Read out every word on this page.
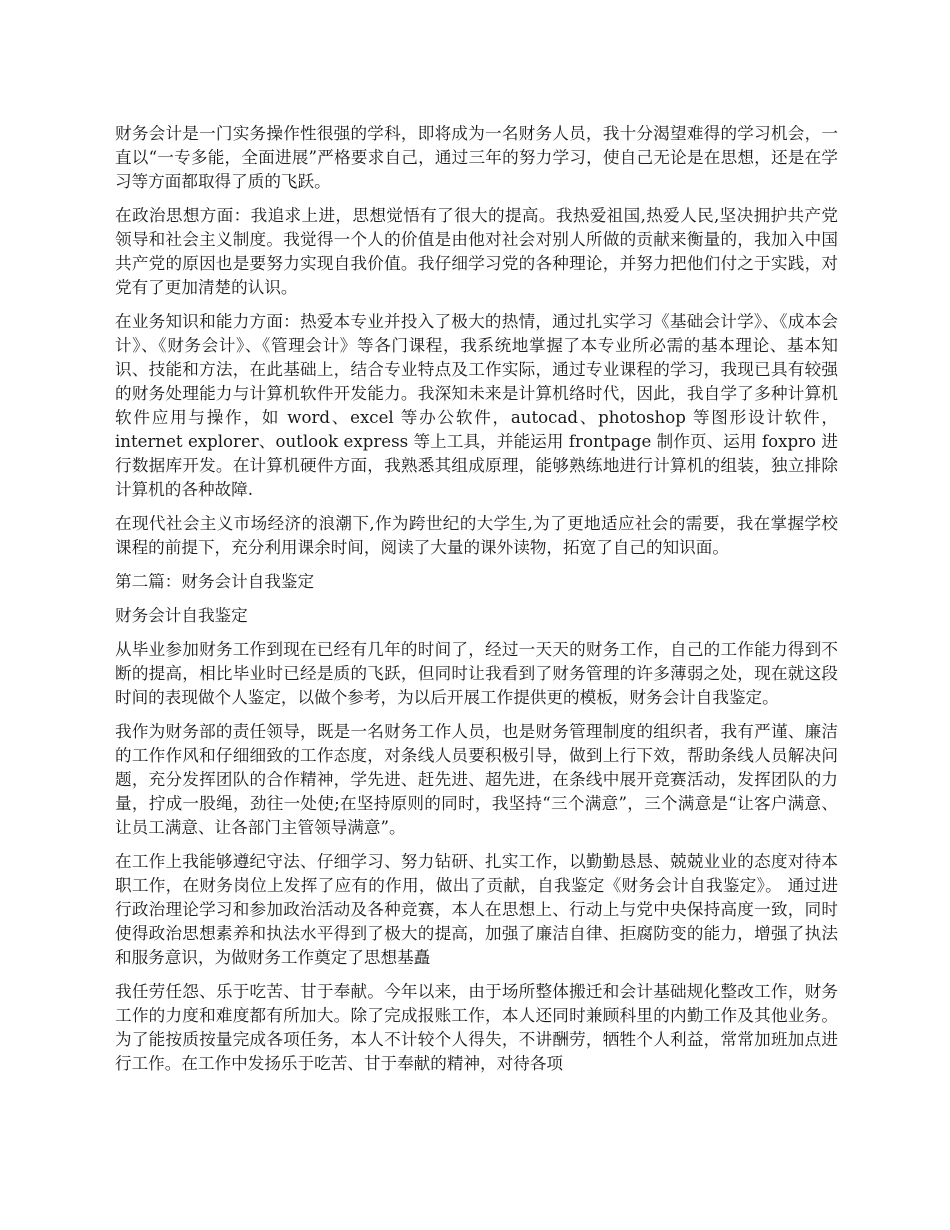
财务会计是一门实务操作性很强的学科，即将成为一名财务人员，我十分渴望难得的学习机会，一直以“一专多能，全面进展”严格要求自己，通过三年的努力学习，使自己无论是在思想，还是在学习等方面都取得了质的飞跃。

在政治思想方面：我追求上进，思想觉悟有了很大的提高。我热爱祖国,热爱人民,坚决拥护共产党领导和社会主义制度。我觉得一个人的价值是由他对社会对别人所做的贡献来衡量的，我加入中国共产党的原因也是要努力实现自我价值。我仔细学习党的各种理论，并努力把他们付之于实践，对党有了更加清楚的认识。

在业务知识和能力方面：热爱本专业并投入了极大的热情，通过扎实学习《基础会计学》、《成本会计》、《财务会计》、《管理会计》等各门课程，我系统地掌握了本专业所必需的基本理论、基本知识、技能和方法，在此基础上，结合专业特点及工作实际，通过专业课程的学习，我现已具有较强的财务处理能力与计算机软件开发能力。我深知未来是计算机络时代，因此，我自学了多种计算机软件应用与操作，如 word、excel 等办公软件，autocad、photoshop 等图形设计软件，internet explorer、outlook express 等上工具，并能运用 frontpage 制作页、运用 foxpro 进行数据库开发。在计算机硬件方面，我熟悉其组成原理，能够熟练地进行计算机的组装，独立排除计算机的各种故障.

在现代社会主义市场经济的浪潮下,作为跨世纪的大学生,为了更地适应社会的需要，我在掌握学校课程的前提下，充分利用课余时间，阅读了大量的课外读物，拓宽了自己的知识面。

第二篇：财务会计自我鉴定

财务会计自我鉴定

从毕业参加财务工作到现在已经有几年的时间了，经过一天天的财务工作，自己的工作能力得到不断的提高，相比毕业时已经是质的飞跃，但同时让我看到了财务管理的许多薄弱之处，现在就这段时间的表现做个人鉴定，以做个参考，为以后开展工作提供更的模板，财务会计自我鉴定。

我作为财务部的责任领导，既是一名财务工作人员，也是财务管理制度的组织者，我有严谨、廉洁的工作作风和仔细细致的工作态度，对条线人员要积极引导，做到上行下效，帮助条线人员解决问题，充分发挥团队的合作精神，学先进、赶先进、超先进，在条线中展开竞赛活动，发挥团队的力量，拧成一股绳，劲往一处使;在坚持原则的同时，我坚持“三个满意”，三个满意是“让客户满意、让员工满意、让各部门主管领导满意”。

在工作上我能够遵纪守法、仔细学习、努力钻研、扎实工作，以勤勤恳恳、兢兢业业的态度对待本职工作，在财务岗位上发挥了应有的作用，做出了贡献，自我鉴定《财务会计自我鉴定》。 通过进行政治理论学习和参加政治活动及各种竞赛，本人在思想上、行动上与党中央保持高度一致，同时使得政治思想素养和执法水平得到了极大的提高，加强了廉洁自律、拒腐防变的能力，增强了执法和服务意识，为做财务工作奠定了思想基矗

我任劳任怨、乐于吃苦、甘于奉献。今年以来，由于场所整体搬迁和会计基础规化整改工作，财务工作的力度和难度都有所加大。除了完成报账工作，本人还同时兼顾科里的内勤工作及其他业务。为了能按质按量完成各项任务，本人不计较个人得失，不讲酬劳，牺牲个人利益，常常加班加点进行工作。在工作中发扬乐于吃苦、甘于奉献的精神，对待各项
